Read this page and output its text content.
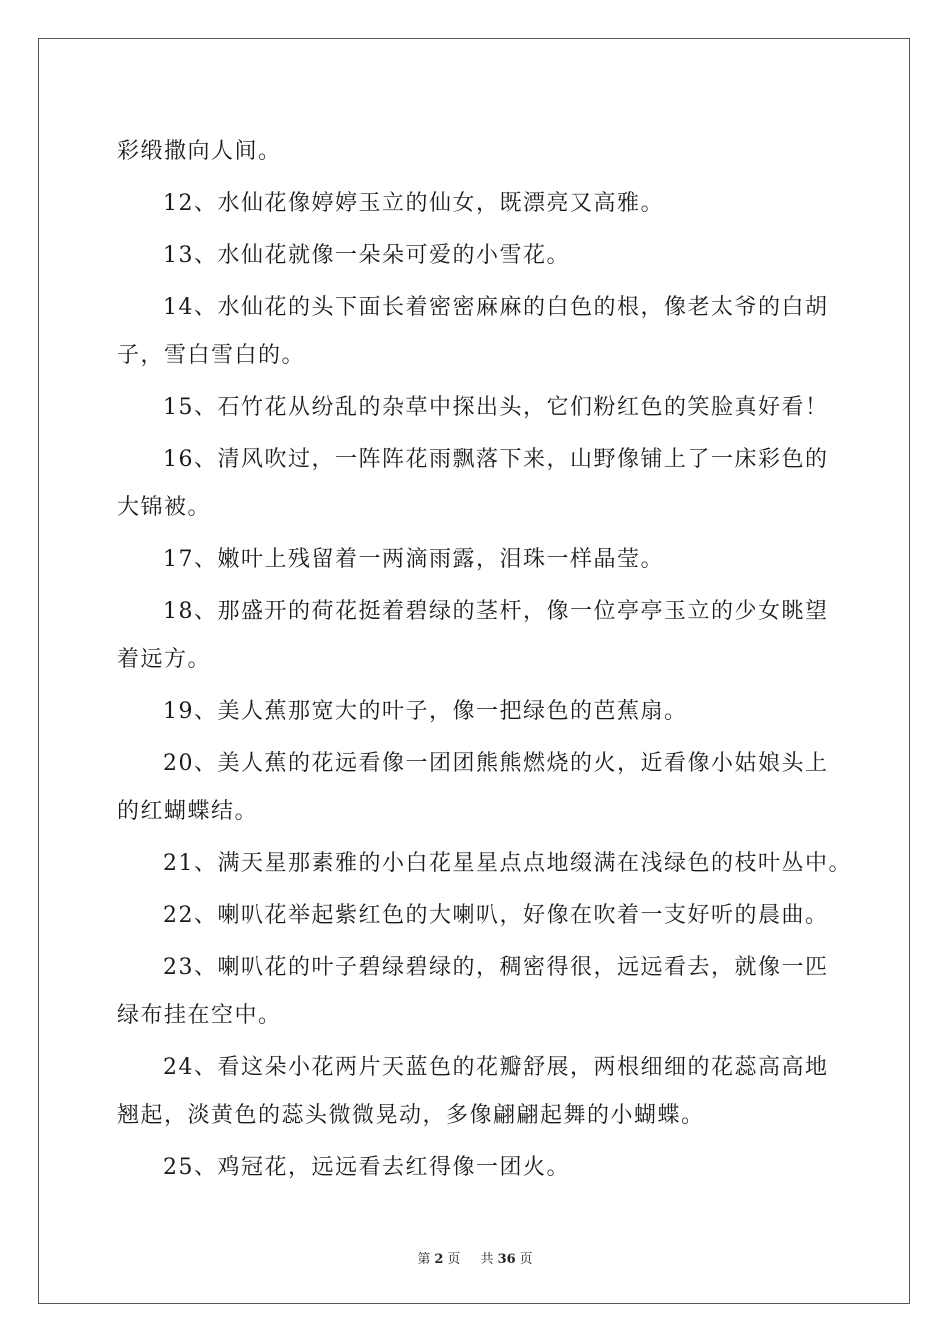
彩缎撒向人间。
12、水仙花像婷婷玉立的仙女，既漂亮又高雅。
13、水仙花就像一朵朵可爱的小雪花。
14、水仙花的头下面长着密密麻麻的白色的根，像老太爷的白胡
子，雪白雪白的。
15、石竹花从纷乱的杂草中探出头，它们粉红色的笑脸真好看！
16、清风吹过，一阵阵花雨飘落下来，山野像铺上了一床彩色的
大锦被。
17、嫩叶上残留着一两滴雨露，泪珠一样晶莹。
18、那盛开的荷花挺着碧绿的茎杆，像一位亭亭玉立的少女眺望
着远方。
19、美人蕉那宽大的叶子，像一把绿色的芭蕉扇。
20、美人蕉的花远看像一团团熊熊燃烧的火，近看像小姑娘头上
的红蝴蝶结。
21、满天星那素雅的小白花星星点点地缀满在浅绿色的枝叶丛中。
22、喇叭花举起紫红色的大喇叭，好像在吹着一支好听的晨曲。
23、喇叭花的叶子碧绿碧绿的，稠密得很，远远看去，就像一匹
绿布挂在空中。
24、看这朵小花两片天蓝色的花瓣舒展，两根细细的花蕊高高地
翘起，淡黄色的蕊头微微晃动，多像翩翩起舞的小蝴蝶。
25、鸡冠花，远远看去红得像一团火。
第 2 页 共 36 页
